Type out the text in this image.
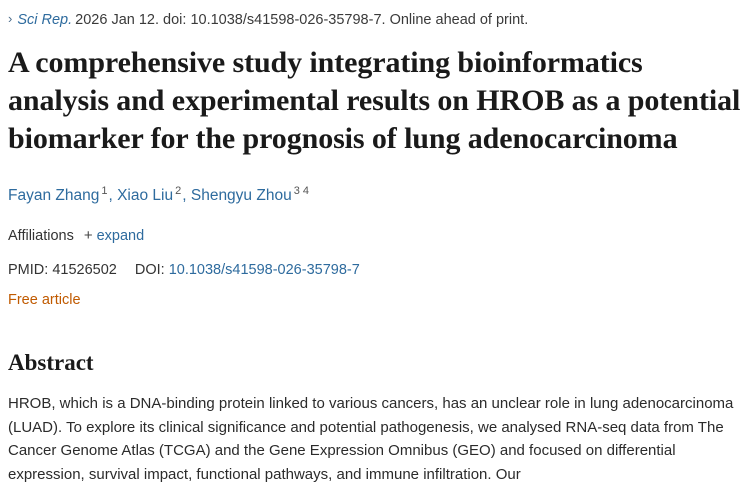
› Sci Rep. 2026 Jan 12. doi: 10.1038/s41598-026-35798-7. Online ahead of print.
A comprehensive study integrating bioinformatics analysis and experimental results on HROB as a potential biomarker for the prognosis of lung adenocarcinoma
Fayan Zhang $^1$, Xiao Liu $^2$, Shengyu Zhou $^{3 4}$
Affiliations + expand
PMID: 41526502 DOI: 10.1038/s41598-026-35798-7
Free article
Abstract

HROB, which is a DNA-binding protein linked to various cancers, has an unclear role in lung adenocarcinoma (LUAD). To explore its clinical significance and potential pathogenesis, we analysed RNA-seq data from The Cancer Genome Atlas (TCGA) and the Gene Expression Omnibus (GEO) and focused on differential expression, survival impact, functional pathways, and immune infiltration. Our
